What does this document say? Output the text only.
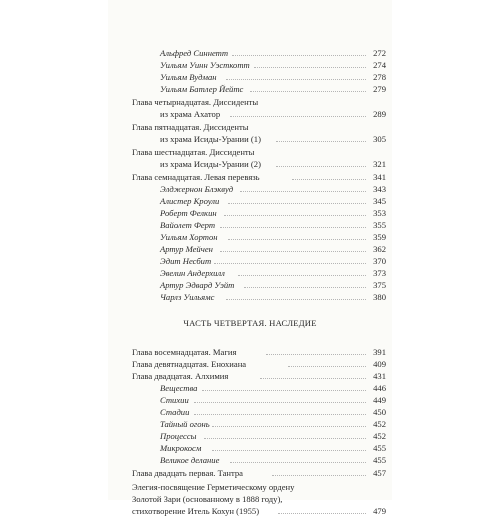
Альфред Синнетт	272
Уильям Уинн Уэсткотт	274
Уильям Вудман	278
Уильям Батлер Йейтс	279
Глава четырнадцатая. Диссиденты
из храма Ахатор	289
Глава пятнадцатая. Диссиденты
из храма Исиды-Урании (1)	305
Глава шестнадцатая. Диссиденты
из храма Исиды-Урании (2)	321
Глава семнадцатая. Левая перевязь	341
Элджернон Блэквуд	343
Алистер Кроули	345
Роберт Фелкин	353
Вайолет Ферт	355
Уильям Хортон	359
Артур Мейчен	362
Эдит Несбит	370
Эвелин Андерхилл	373
Артур Эдвард Уэйт	375
Чарлз Уильямс	380
ЧАСТЬ ЧЕТВЕРТАЯ. НАСЛЕДИЕ
Глава восемнадцатая. Магия	391
Глава девятнадцатая. Енохиана	409
Глава двадцатая. Алхимия	431
Вещества	446
Стихии	449
Стадии	450
Тайный огонь	452
Процессы	452
Микрокосм	455
Великое делание	455
Глава двадцать первая. Тантра	457
Элегия-посвящение Герметическому ордену
Золотой Зари (основанному в 1888 году),
стихотворение Итель Кохун (1955)	479
